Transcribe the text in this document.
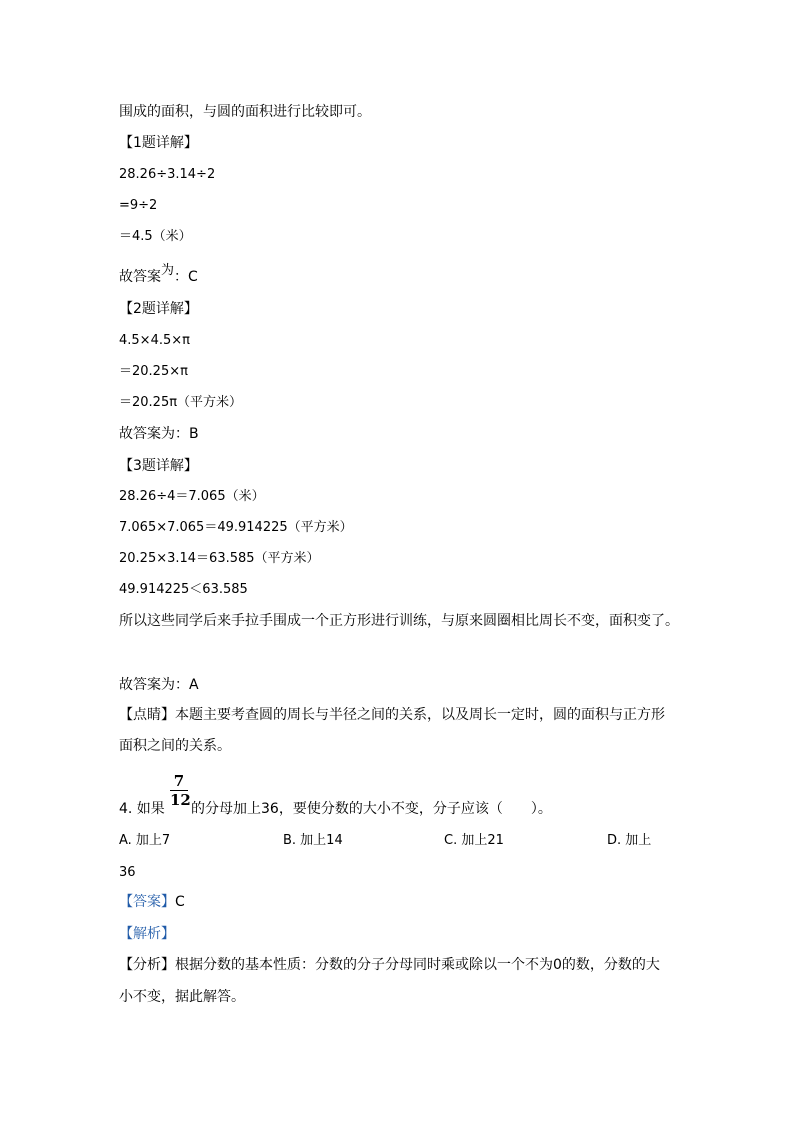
围成的面积，与圆的面积进行比较即可。
【1题详解】
28.26÷3.14÷2
=9÷2
＝4.5（米）
故答案为：C
【2题详解】
4.5×4.5×π
＝20.25×π
＝20.25π（平方米）
故答案为：B
【3题详解】
28.26÷4＝7.065（米）
7.065×7.065＝49.914225（平方米）
20.25×3.14＝63.585（平方米）
49.914225＜63.585
所以这些同学后来手拉手围成一个正方形进行训练，与原来圆圈相比周长不变，面积变了。
故答案为：A
【点睛】本题主要考查圆的周长与半径之间的关系，以及周长一定时，圆的面积与正方形
面积之间的关系。
4. 如果
7
12 的分母加上36，要使分数的大小不变，分子应该（　　）。
A. 加上7	B. 加上14	C. 加上21	D. 加上
36
【答案】C
【解析】
【分析】根据分数的基本性质：分数的分子分母同时乘或除以一个不为0的数，分数的大
小不变，据此解答。
